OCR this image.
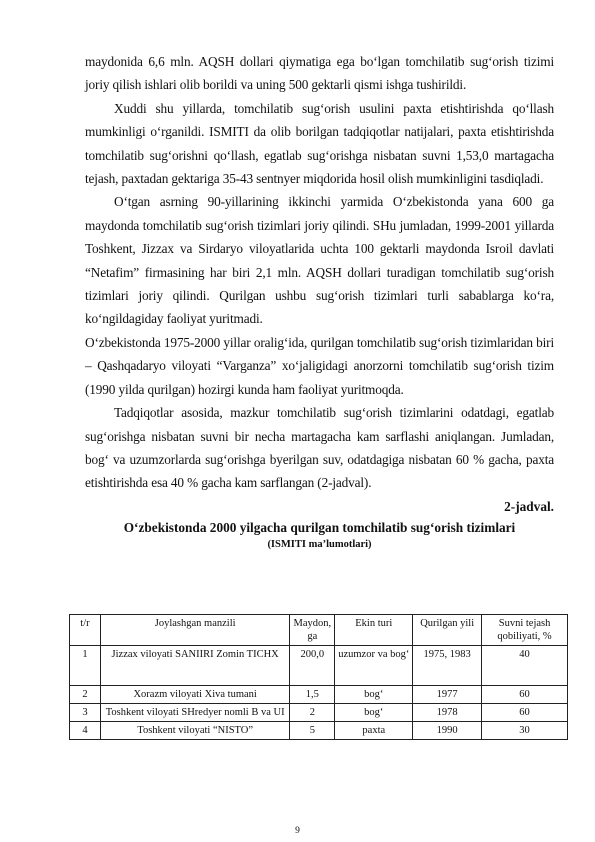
maydonida 6,6 mln. AQSH dollari qiymatiga ega bo‘lgan tomchilatib sug‘orish tizimi joriy qilish ishlari olib borildi va uning 500 gektarli qismi ishga tushirildi.

Xuddi shu yillarda, tomchilatib sug‘orish usulini paxta etishtirishda qo‘llash mumkinligi o‘rganildi. ISMITI da olib borilgan tadqiqotlar natijalari, paxta etishtirishda tomchilatib sug‘orishni qo‘llash, egatlab sug‘orishga nisbatan suvni 1,53,0 martagacha tejash, paxtadan gektariga 35-43 sentnyer miqdorida hosil olish mumkinligini tasdiqladi.

O‘tgan asrning 90-yillarining ikkinchi yarmida O‘zbekistonda yana 600 ga maydonda tomchilatib sug‘orish tizimlari joriy qilindi. SHu jumladan, 1999-2001 yillarda Toshkent, Jizzax va Sirdaryo viloyatlarida uchta 100 gektarli maydonda Isroil davlati “Netafim” firmasining har biri 2,1 mln. AQSH dollari turadigan tomchilatib sug‘orish tizimlari joriy qilindi. Qurilgan ushbu sug‘orish tizimlari turli sabablarga ko‘ra, ko‘ngildagiday faoliyat yuritmadi.

O‘zbekistonda 1975-2000 yillar oralig‘ida, qurilgan tomchilatib sug‘orish tizimlaridan biri – Qashqadaryo viloyati “Varganza” xo‘jaligidagi anorzorni tomchilatib sug‘orish tizim (1990 yilda qurilgan) hozirgi kunda ham faoliyat yuritmoqda.

Tadqiqotlar asosida, mazkur tomchilatib sug‘orish tizimlarini odatdagi, egatlab sug‘orishga nisbatan suvni bir necha martagacha kam sarflashi aniqlangan. Jumladan, bog‘ va uzumzorlarda sug‘orishga byerilgan suv, odatdagiga nisbatan 60 % gacha, paxta etishtirishda esa 40 % gacha kam sarflangan (2-jadval).

2-jadval.

O‘zbekistonda 2000 yilgacha qurilgan tomchilatib sug‘orish tizimlari

(ISMITI ma’lumotlari)

t/r	Joylashgan manzili	Maydon, ga	Ekin turi	Qurilgan yili	Suvni tejash qobiliyati, %
1	Jizzax viloyati SANIIRI Zomin TICHX	200,0	uzumzor va bog‘	1975, 1983	40
2	Xorazm viloyati Xiva tumani	1,5	bog‘	1977	60
3	Toshkent viloyati SHredyer nomli B va UI	2	bog‘	1978	60
4	Toshkent viloyati “NISTO”	5	paxta	1990	30
9
